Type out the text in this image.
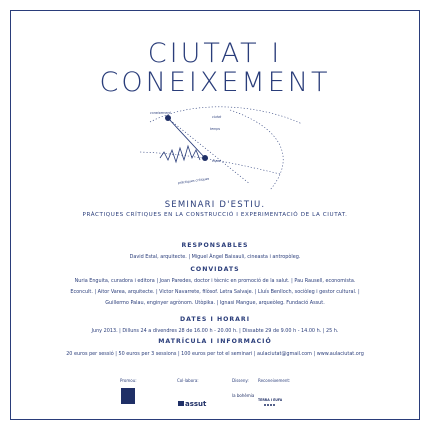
CIUTAT I
CONEIXEMENT
coneixement
ciutat
temps
espai
pràctiques crítiques
SEMINARI D'ESTIU.
PRÀCTIQUES CRÍTIQUES EN LA CONSTRUCCIÓ I EXPERIMENTACIÓ DE LA CIUTAT.
RESPONSABLES
David Estal, arquitecte. | Miguel Àngel Baixauli, cineasta i antropòleg.
CONVIDATS
Nuria Enguita, curadora i editora | Joan Paredes, doctor i tècnic en promoció de la salut. | Pau Rausell, economista.
Econcult. | Aitor Varea, arquitecte. | Victor Navarrete, filòsof. Letra Salvaje. | Lluís Benlloch, sociòleg i gestor cultural. |
Guillermo Palau, enginyer agrònom. Utòpika. | Ignasi Mangue, arqueòleg. Fundació Assut.
DATES I HORARI
Juny 2013. | Dilluns 24 a divendres 28 de 16.00 h - 20.00 h. | Dissabte 29 de 9.00 h - 14.00 h. | 25 h.
MATRÍCULA I INFORMACIÓ
20 euros per sessió | 50 euros per 3 sessions | 100 euros per tot el seminari | aulaciutat@gmail.com | www.aulaciutat.org
Promou:	Col·labora:	Disseny: Reconeixement:
assut
la bohèmia
TERRA I EUFA
